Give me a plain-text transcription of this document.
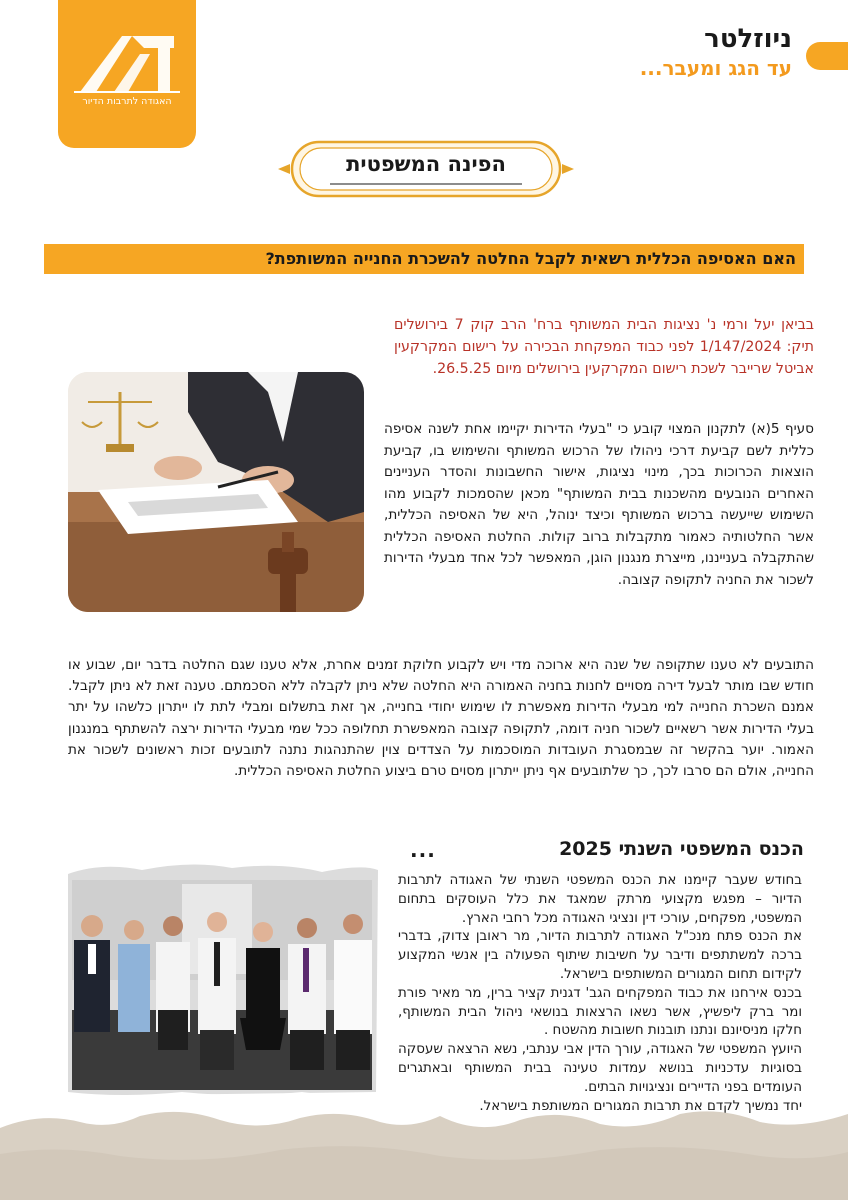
האגודה לתרבות הדיור
ניוזלטר
עד הגג ומעבר...
הפינה המשפטית
האם האסיפה הכללית רשאית לקבל החלטה להשכרת החנייה המשותפת?
בביאן יעל ורמי נ' נציגות הבית המשותף ברח' הרב קוק 7 בירושלים תיק: 1/147/2024 לפני כבוד המפקחת הבכירה על רישום המקרקעין אביטל שרייבר לשכת רישום המקרקעין בירושלים מיום 26.5.25.
סעיף 5(א) לתקנון המצוי קובע כי "בעלי הדירות יקיימו אחת לשנה אסיפה כללית לשם קביעת דרכי ניהולו של הרכוש המשותף והשימוש בו, קביעת הוצאות הכרוכות בכך, מינוי נציגות, אישור החשבונות והסדר העניינים האחרים הנובעים מהשכנות בבית המשותף" מכאן שהסמכות לקבוע מהו השימוש שייעשה ברכוש המשותף וכיצד ינוהל, היא של האסיפה הכללית, אשר החלטותיה כאמור מתקבלות ברוב קולות. החלטת האסיפה הכללית שהתקבלה בענייננו, מייצרת מנגנון הוגן, המאפשר לכל אחד מבעלי הדירות לשכור את החניה לתקופה קצובה.
התובעים לא טענו שתקופה של שנה היא ארוכה מדי ויש לקבוע חלוקת זמנים אחרת, אלא טענו שגם החלטה בדבר יום, שבוע או חודש שבו מותר לבעל דירה מסויים לחנות בחניה האמורה היא החלטה שלא ניתן לקבלה ללא הסכמתם. טענה זאת לא ניתן לקבל. אמנם השכרת החנייה למי מבעלי הדירות מאפשרת לו שימוש יחודי בחנייה, אך זאת בתשלום ומבלי לתת לו ייתרון כלשהו על יתר בעלי הדירות אשר רשאיים לשכור חניה דומה, לתקופה קצובה המאפשרת תחלופה ככל שמי מבעלי הדירות ירצה להשתתף במנגנון האמור. יוער בהקשר זה שבמסגרת העובדות המוסכמות על הצדדים צוין שהתנהגות נתנה לתובעים זכות ראשונים לשכור את החנייה, אולם הם סרבו לכך, כך שלתובעים אף ניתן ייתרון מסוים טרם ביצוע החלטת האסיפה הכללית.
הכנס המשפטי השנתי 2025
...

בחודש שעבר קיימנו את הכנס המשפטי השנתי של האגודה לתרבות הדיור – מפגש מקצועי מרתק שמאגד את כלל העוסקים בתחום המשפטי, מפקחים, עורכי דין ונציגי האגודה מכל רחבי הארץ.

את הכנס פתח מנכ"ל האגודה לתרבות הדיור, מר ראובן צדוק, בדברי ברכה למשתתפים ודיבר על חשיבות שיתוף הפעולה בין אנשי המקצוע לקידום תחום המגורים המשותפים בישראל.

בכנס אירחנו את כבוד המפקחים הגב' דגנית קציר ברין, מר מאיר פורת ומר ברק ליפשיץ, אשר נשאו הרצאות בנושאי ניהול הבית המשותף, חלקו מניסיונם ונתנו תובנות חשובות מהשטח .

היועץ המשפטי של האגודה, עורך הדין אבי ענתבי, נשא הרצאה שעסקה בסוגיות עדכניות בנושא עמדות טעינה בבית המשותף ובאתגרים העומדים בפני הדיירים ונציגויות הבתים.

יחד נמשיך לקדם את תרבות המגורים המשותפת בישראל.
